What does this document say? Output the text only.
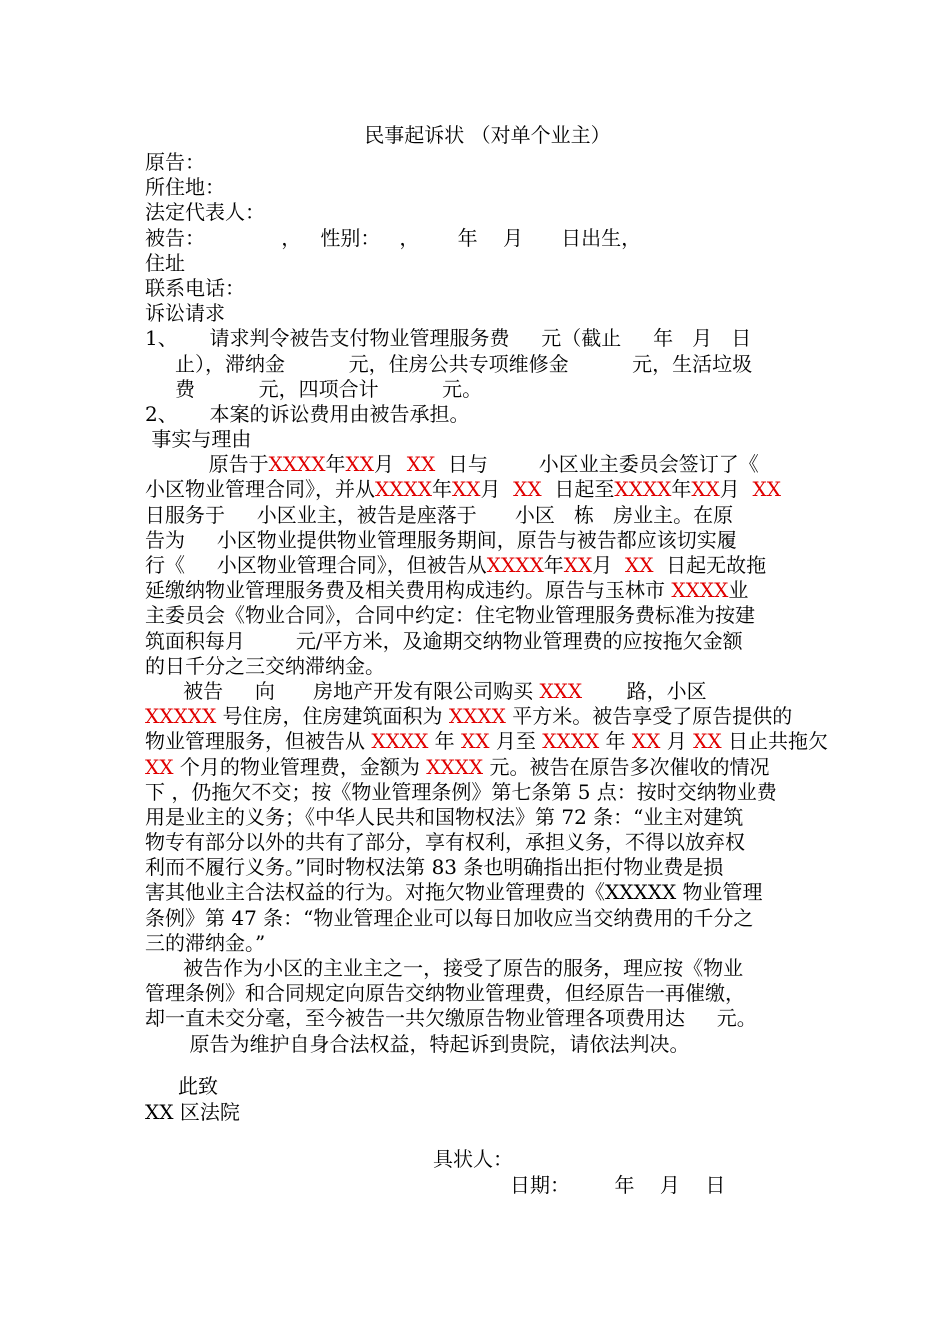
民事起诉状 （对单个业主）
原告：
所住地：
法定代表人：
被告：            ，   性别：   ，      年    月      日出生，
住址
联系电话：
诉讼请求
1、     请求判令被告支付物业管理服务费     元（截止     年   月   日
止），滞纳金          元，住房公共专项维修金          元，生活垃圾
费          元，四项合计          元。
2、     本案的诉讼费用由被告承担。
事实与理由
原告于XXXX年XX月  XX  日与        小区业主委员会签订了《
小区物业管理合同》，并从XXXX年XX月  XX  日起至XXXX年XX月  XX
日服务于     小区业主，被告是座落于      小区   栋   房业主。在原
告为     小区物业提供物业管理服务期间，原告与被告都应该切实履
行《     小区物业管理合同》，但被告从XXXX年XX月  XX  日起无故拖
延缴纳物业管理服务费及相关费用构成违约。原告与玉林市 XXXX业
主委员会《物业合同》，合同中约定：住宅物业管理服务费标准为按建
筑面积每月        元/平方米，及逾期交纳物业管理费的应按拖欠金额
的日千分之三交纳滞纳金。
被告     向      房地产开发有限公司购买 XXX       路，小区
XXXXX 号住房，住房建筑面积为 XXXX 平方米。被告享受了原告提供的
物业管理服务，但被告从 XXXX 年 XX 月至 XXXX 年 XX 月 XX 日止共拖欠
XX 个月的物业管理费，金额为 XXXX 元。被告在原告多次催收的情况
下 ，仍拖欠不交；按《物业管理条例》第七条第 5 点：按时交纳物业费
用是业主的义务；《中华人民共和国物权法》第 72 条：“业主对建筑
物专有部分以外的共有了部分，享有权利，承担义务，不得以放弃权
利而不履行义务。”同时物权法第 83 条也明确指出拒付物业费是损
害其他业主合法权益的行为。对拖欠物业管理费的《XXXXX 物业管理
条例》第 47 条：“物业管理企业可以每日加收应当交纳费用的千分之
三的滞纳金。”
被告作为小区的主业主之一，接受了原告的服务，理应按《物业
管理条例》和合同规定向原告交纳物业管理费，但经原告一再催缴，
却一直未交分毫，至今被告一共欠缴原告物业管理各项费用达     元。
原告为维护自身合法权益，特起诉到贵院，请依法判决。
此致
XX 区法院
具状人：
日期：       年    月    日
